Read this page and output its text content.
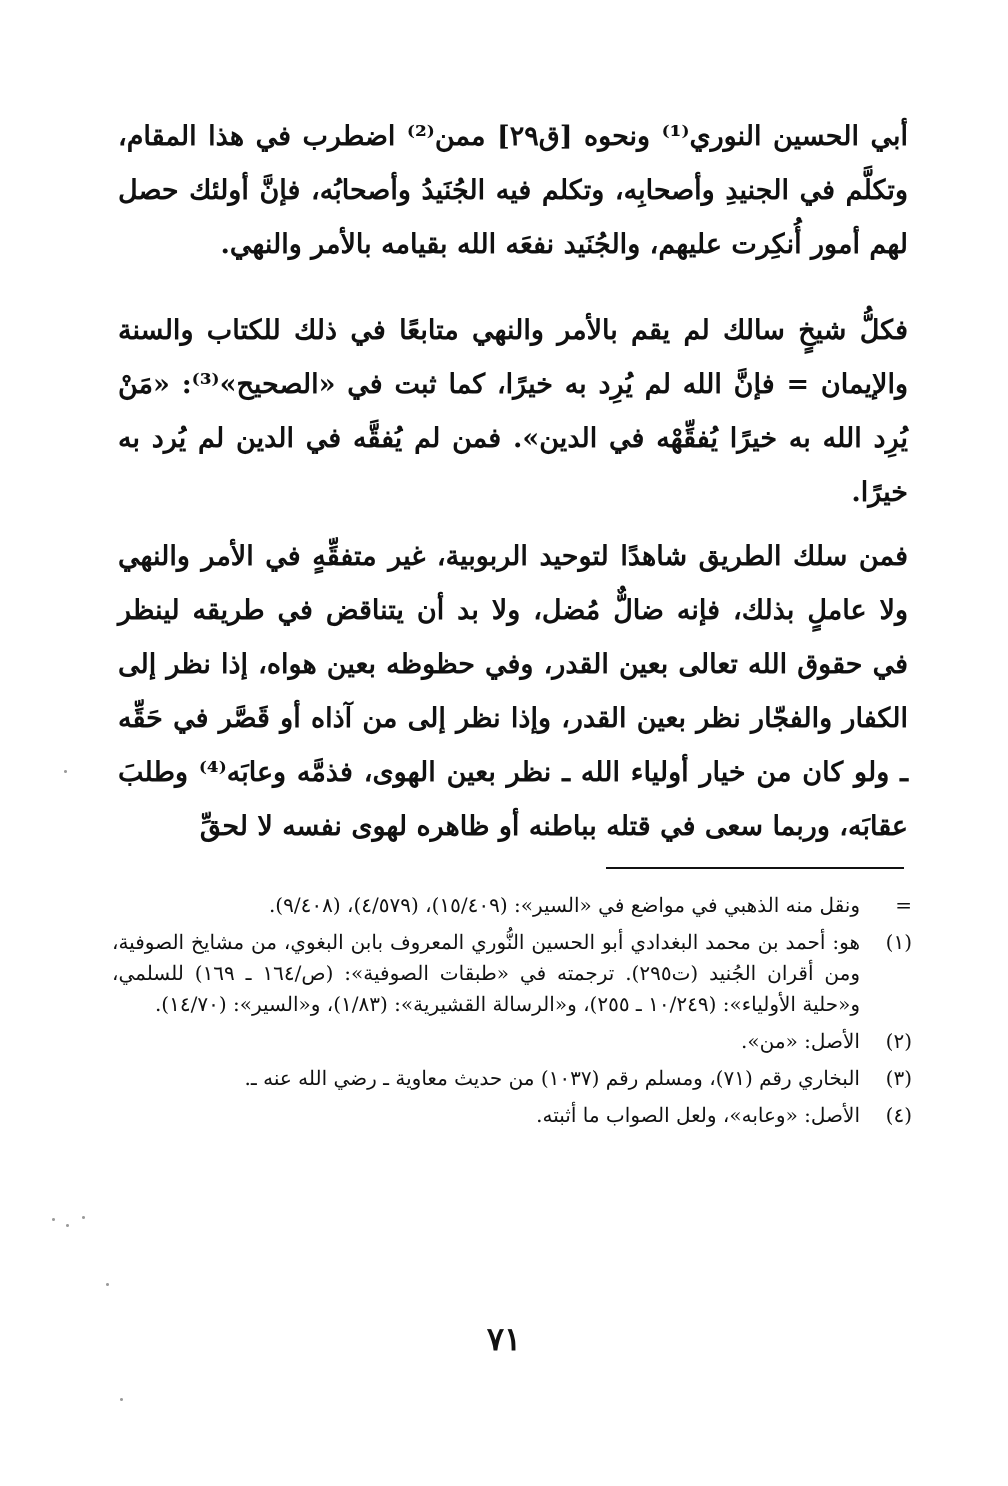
أبي الحسين النوري⁽¹⁾ ونحوه [ق٢٩] ممن⁽²⁾ اضطرب في هذا المقام، وتكلَّم في الجنيدِ وأصحابِه، وتكلم فيه الجُنَيدُ وأصحابُه، فإنَّ أولئك حصل لهم أمور أُنكِرت عليهم، والجُنَيد نفعَه الله بقيامه بالأمر والنهي.
فكلُّ شيخٍ سالك لم يقم بالأمر والنهي متابعًا في ذلك للكتاب والسنة والإيمان = فإنَّ الله لم يُرِد به خيرًا، كما ثبت في «الصحيح»⁽³⁾: «مَنْ يُرِد الله به خيرًا يُفقِّهْه في الدين». فمن لم يُفقَّه في الدين لم يُرد به خيرًا.
فمن سلك الطريق شاهدًا لتوحيد الربوبية، غير متفقِّهٍ في الأمر والنهي ولا عاملٍ بذلك، فإنه ضالٌّ مُضل، ولا بد أن يتناقض في طريقه لينظر في حقوق الله تعالى بعين القدر، وفي حظوظه بعين هواه، إذا نظر إلى الكفار والفجّار نظر بعين القدر، وإذا نظر إلى من آذاه أو قَصَّر في حَقِّه ـ ولو كان من خيار أولياء الله ـ نظر بعين الهوى، فذمَّه وعابَه⁽⁴⁾ وطلبَ عقابَه، وربما سعى في قتله بباطنه أو ظاهره لهوى نفسه لا لحقِّ
=
ونقل منه الذهبي في مواضع في «السير»: (١٥/٤٠٩)، (٤/٥٧٩)، (٩/٤٠٨).
(١)
هو: أحمد بن محمد البغدادي أبو الحسين النُّوري المعروف بابن البغوي، من مشايخ الصوفية، ومن أقران الجُنيد (ت٢٩٥). ترجمته في «طبقات الصوفية»: (ص/١٦٤ ـ ١٦٩) للسلمي، و«حلية الأولياء»: (١٠/٢٤٩ ـ ٢٥٥)، و«الرسالة القشيرية»: (١/٨٣)، و«السير»: (١٤/٧٠).
(٢)
الأصل: «من».
(٣)
البخاري رقم (٧١)، ومسلم رقم (١٠٣٧) من حديث معاوية ـ رضي الله عنه ـ.
(٤)
الأصل: «وعابه»، ولعل الصواب ما أثبته.
٧١
